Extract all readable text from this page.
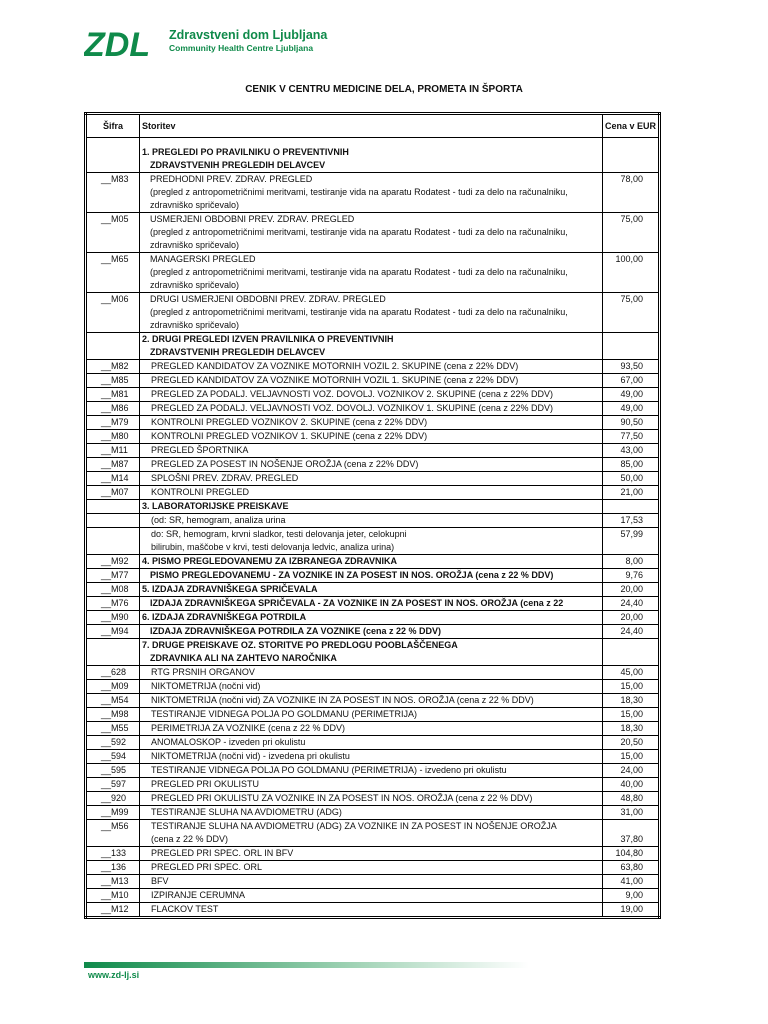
ZDL Zdravstveni dom Ljubljana
Community Health Centre Ljubljana
CENIK V CENTRU MEDICINE DELA, PROMETA IN ŠPORTA
Šifra	Storitev	Cena v EUR

	1. PREGLEDI PO PRAVILNIKU O PREVENTIVNIH	
	ZDRAVSTVENIH PREGLEDIH DELAVCEV	
__M83	PREDHODNI PREV. ZDRAV. PREGLED	78,00
	(pregled z antropometričnimi meritvami, testiranje vida na aparatu Rodatest - tudi za delo na računalniku,	
	zdravniško spričevalo)	
__M05	USMERJENI OBDOBNI PREV. ZDRAV. PREGLED	75,00
	(pregled z antropometričnimi meritvami, testiranje vida na aparatu Rodatest - tudi za delo na računalniku,	
	zdravniško spričevalo)	
__M65	MANAGERSKI PREGLED	100,00
	(pregled z antropometričnimi meritvami, testiranje vida na aparatu Rodatest - tudi za delo na računalniku,	
	zdravniško spričevalo)	
__M06	DRUGI USMERJENI OBDOBNI PREV. ZDRAV. PREGLED	75,00
	(pregled z antropometričnimi meritvami, testiranje vida na aparatu Rodatest - tudi za delo na računalniku,	
	zdravniško spričevalo)	
	2. DRUGI PREGLEDI IZVEN PRAVILNIKA O PREVENTIVNIH	
	ZDRAVSTVENIH PREGLEDIH DELAVCEV	
__M82	PREGLED KANDIDATOV ZA VOZNIKE MOTORNIH VOZIL 2. SKUPINE (cena z 22% DDV)	93,50
__M85	PREGLED KANDIDATOV ZA VOZNIKE MOTORNIH VOZIL 1. SKUPINE (cena z 22% DDV)	67,00
__M81	PREGLED ZA PODALJ. VELJAVNOSTI VOZ. DOVOLJ. VOZNIKOV 2. SKUPINE (cena z 22% DDV)	49,00
__M86	PREGLED ZA PODALJ. VELJAVNOSTI VOZ. DOVOLJ. VOZNIKOV 1. SKUPINE (cena z 22% DDV)	49,00
__M79	KONTROLNI PREGLED VOZNIKOV 2. SKUPINE (cena z 22% DDV)	90,50
__M80	KONTROLNI PREGLED VOZNIKOV 1. SKUPINE (cena z 22% DDV)	77,50
__M11	PREGLED ŠPORTNIKA	43,00
__M87	PREGLED ZA POSEST IN NOŠENJE OROŽJA (cena z 22% DDV)	85,00
__M14	SPLOŠNI PREV. ZDRAV. PREGLED	50,00
__M07	KONTROLNI PREGLED	21,00
	3. LABORATORIJSKE PREISKAVE	
	(od: SR, hemogram, analiza urina	17,53
	do: SR, hemogram, krvni sladkor, testi delovanja jeter, celokupni	57,99
	bilirubin, maščobe v krvi, testi delovanja ledvic, analiza urina)	
__M92	4. PISMO PREGLEDOVANEMU ZA IZBRANEGA ZDRAVNIKA	8,00
__M77	PISMO PREGLEDOVANEMU - ZA VOZNIKE IN ZA POSEST IN NOS. OROŽJA (cena z 22 % DDV)	9,76
__M08	5. IZDAJA ZDRAVNIŠKEGA SPRIČEVALA	20,00
__M76	IZDAJA ZDRAVNIŠKEGA SPRIČEVALA - ZA VOZNIKE IN ZA POSEST IN NOS. OROŽJA (cena z 22	24,40
__M90	6. IZDAJA ZDRAVNIŠKEGA POTRDILA	20,00
__M94	IZDAJA ZDRAVNIŠKEGA POTRDILA ZA VOZNIKE (cena z 22 % DDV)	24,40
	7. DRUGE PREISKAVE OZ. STORITVE PO PREDLOGU POOBLAŠČENEGA	
	ZDRAVNIKA ALI NA ZAHTEVO NAROČNIKA	
__628	RTG PRSNIH ORGANOV	45,00
__M09	NIKTOMETRIJA (nočni vid)	15,00
__M54	NIKTOMETRIJA (nočni vid) ZA VOZNIKE IN ZA POSEST IN NOS. OROŽJA (cena z 22 % DDV)	18,30
__M98	TESTIRANJE VIDNEGA POLJA PO GOLDMANU (PERIMETRIJA)	15,00
__M55	PERIMETRIJA ZA VOZNIKE (cena z 22 % DDV)	18,30
__592	ANOMALOSKOP - izveden pri okulistu	20,50
__594	NIKTOMETRIJA (nočni vid) - izvedena pri okulistu	15,00
__595	TESTIRANJE VIDNEGA POLJA PO GOLDMANU (PERIMETRIJA) - izvedeno pri okulistu	24,00
__597	PREGLED PRI OKULISTU	40,00
__920	PREGLED PRI OKULISTU ZA VOZNIKE IN ZA POSEST IN NOS. OROŽJA (cena z 22 % DDV)	48,80
__M99	TESTIRANJE SLUHA NA AVDIOMETRU (ADG)	31,00
__M56	TESTIRANJE SLUHA NA AVDIOMETRU (ADG) ZA VOZNIKE IN ZA POSEST IN NOŠENJE OROŽJA	
	(cena z 22 % DDV)	37,80
__133	PREGLED PRI SPEC. ORL IN BFV	104,80
__136	PREGLED PRI SPEC. ORL	63,80
__M13	BFV	41,00
__M10	IZPIRANJE CERUMNA	9,00
__M12	FLACKOV TEST	19,00
www.zd-lj.si
